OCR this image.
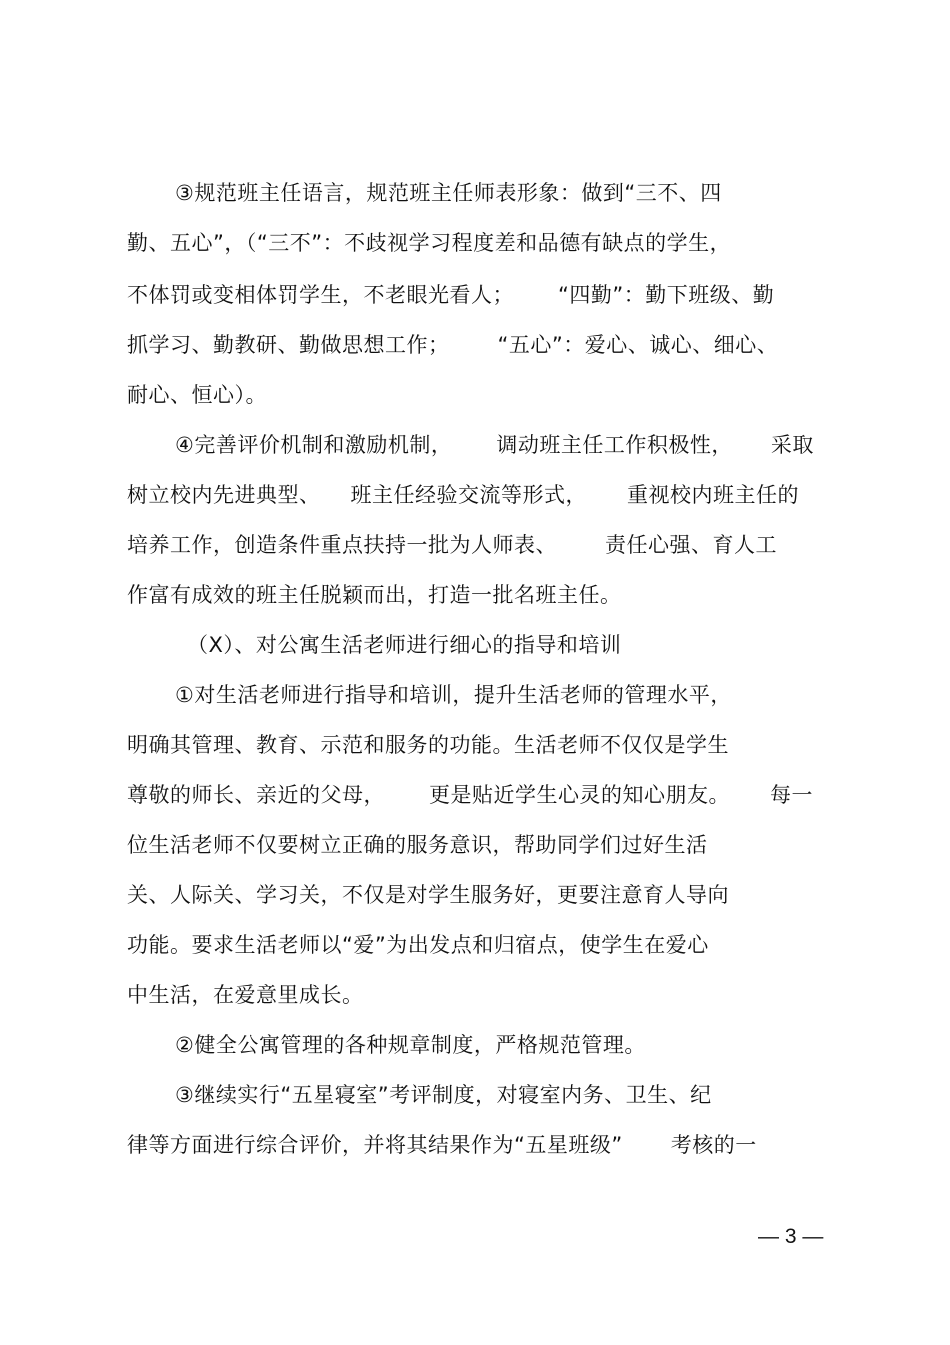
③规范班主任语言，规范班主任师表形象：做到“三不、四
勤、五心”，（“三不”：不歧视学习程度差和品德有缺点的学生，
不体罚或变相体罚学生，不老眼光看人； “四勤”：勤下班级、勤
抓学习、勤教研、勤做思想工作； “五心”：爱心、诚心、细心、
耐心、恒心）。
④完善评价机制和激励机制， 调动班主任工作积极性， 采取
树立校内先进典型、 班主任经验交流等形式， 重视校内班主任的
培养工作，创造条件重点扶持一批为人师表、 责任心强、育人工
作富有成效的班主任脱颖而出，打造一批名班主任。
（X）、对公寓生活老师进行细心的指导和培训
①对生活老师进行指导和培训，提升生活老师的管理水平，
明确其管理、教育、示范和服务的功能。生活老师不仅仅是学生
尊敬的师长、亲近的父母， 更是贴近学生心灵的知心朋友。 每一
位生活老师不仅要树立正确的服务意识，帮助同学们过好生活
关、人际关、学习关，不仅是对学生服务好，更要注意育人导向
功能。要求生活老师以“爱”为出发点和归宿点，使学生在爱心
中生活，在爱意里成长。
②健全公寓管理的各种规章制度，严格规范管理。
③继续实行“五星寝室”考评制度，对寝室内务、卫生、纪
律等方面进行综合评价，并将其结果作为“五星班级” 考核的一
— 3 —
